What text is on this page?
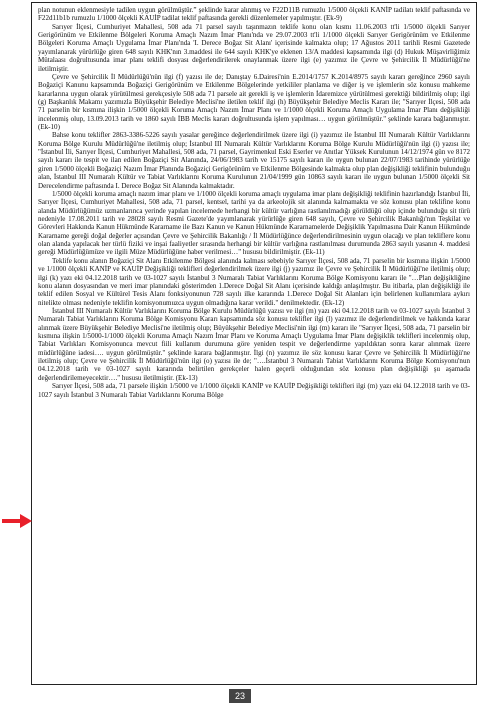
plan notunun eklenmesiyle tadilen uygun görülmüştür.” şeklinde karar alınmış ve F22D11B rumuzlu 1/5000 ölçekli KANİP tadilatı teklif paftasında ve F22d11b1b rumuzlu 1/1000 ölçekli KAUİP tadilat teklif paftasında gerekli düzenlemeler yapılmıştır. (Ek-9)

Sarıyer İlçesi, Cumhuriyet Mahallesi, 508 ada 71 parsel sayılı taşınmazın teklife konu olan kısmı 11.06.2003 tt'li 1/5000 ölçekli Sarıyer Gerigörünüm ve Etkilenme Bölgeleri Koruma Amaçlı Nazım İmar Planı'nda ve 29.07.2003 tt'li 1/1000 ölçekli Sarıyer Gerigörünüm ve Etkilenme Bölgeleri Koruma Amaçlı Uygulama İmar Planı'nda 'I. Derece Boğaz Sit Alanı' içerisinde kalmakta olup; 17 Ağustos 2011 tarihli Resmi Gazetede yayımlanarak yürürlüğe giren 648 sayılı KHK'nın 3.maddesi ile 644 sayılı KHK'ye eklenen 13/A maddesi kapsamında ilgi (d) Hukuk Müşavirliğimiz Mütalaası doğrultusunda imar planı teklifi dosyası değerlendirilerek onaylanmak üzere ilgi (e) yazımız ile Çevre ve Şehircilik İl Müdürlüğü'ne iletilmiştir.

Çevre ve Şehircilik İl Müdürlüğü'nün ilgi (f) yazısı ile de; Danıştay 6.Dairesi'nin E.2014/1757 K.2014/8975 sayılı kararı gereğince 2960 sayılı Boğaziçi Kanunu kapsamında Boğaziçi Gerigörünüm ve Etkilenme Bölgelerinde yetkililer planlama ve diğer iş ve işlemlerin söz konusu mahkeme kararlarına uygun olarak yürütülmesi gerekçesiyle 508 ada 71 parsele ait gerekli iş ve işlemlerin İdaremizce yürütülmesi gerektiği bildirilmiş olup; ilgi (g) Başkanlık Makamı yazımızla Büyükşehir Belediye Meclisi'ne iletilen teklif ilgi (h) Büyükşehir Belediye Meclis Kararı ile; "Sarıyer İlçesi, 508 ada 71 parselin bir kısmına ilişkin 1/5000 ölçekli Koruma Amaçlı Nazım İmar Planı ve 1/1000 ölçekli Koruma Amaçlı Uygulama İmar Planı değişikliği incelenmiş olup, 13.09.2013 tarih ve 1860 sayılı İBB Meclis kararı doğrultusunda işlem yapılması… uygun görülmüştür." şeklinde karara bağlanmıştır. (Ek-10)

Bahse konu teklifler 2863-3386-5226 sayılı yasalar gereğince değerlendirilmek üzere ilgi (i) yazımız ile İstanbul III Numaralı Kültür Varlıklarını Koruma Bölge Kurulu Müdürlüğü'ne iletilmiş olup; İstanbul III Numaralı Kültür Varlıklarını Koruma Bölge Kurulu Müdürlüğü'nün ilgi (i) yazısı ile; "İstanbul İli, Sarıyer İlçesi, Cumhuriyet Mahallesi, 508 ada, 71 parsel, Gayrimenkul Eski Eserler ve Anıtlar Yüksek Kurulunun 14/12/1974 gün ve 8172 sayılı kararı ile tespit ve ilan edilen Boğaziçi Sit Alanında, 24/06/1983 tarih ve 15175 sayılı kararı ile uygun bulunan 22/07/1983 tarihinde yürürlüğe giren 1/5000 ölçekli Boğaziçi Nazım İmar Planında Boğaziçi Gerigörünüm ve Etkilenme Bölgesinde kalmakta olup plan değişikliği teklifinin bulunduğu alan, İstanbul III Numaralı Kültür ve Tabiat Varlıklarını Koruma Kurulunun 21/04/1999 gün 10863 sayılı kararı ile uygun bulunan 1/5000 ölçekli Sit Derecelendirme paftasında I. Derece Boğaz Sit Alanında kalmaktadır.

1/5000 ölçekli koruma amaçlı nazım imar planı ve 1/1000 ölçekli koruma amaçlı uygulama imar planı değişikliği teklifinin hazırlandığı İstanbul İli, Sarıyer İlçesi, Cumhuriyet Mahallesi, 508 ada, 71 parsel, kentsel, tarihi ya da arkeolojik sit alanında kalmamakta ve söz konusu plan teklifine konu alanda Müdürlüğümüz uzmanlarınca yerinde yapılan incelemede herhangi bir kültür varlığına rastlanılmadığı görüldüğü olup içinde bulunduğu sit türü nedeniyle 17.08.2011 tarih ve 28028 sayılı Resmi Gazete'de yayımlanarak yürürlüğe giren 648 sayılı, Çevre ve Şehircilik Bakanlığı'nın Teşkilat ve Görevleri Hakkında Kanun Hükmünde Kararname ile Bazı Kanun ve Kanun Hükmünde Kararnamelerde Değişiklik Yapılmasına Dair Kanun Hükmünde Kararname gereği doğal değerler açısından Çevre ve Şehircilik Bakanlığı / İl Müdürlüğünce değerlendirilmesinin uygun olacağı ve plan tekliflere konu olan alanda yapılacak her türlü fiziki ve inşai faaliyetler sırasında herhangi bir kültür varlığına rastlanılması durumunda 2863 sayılı yasanın 4. maddesi gereği Müdürlüğümüze ve ilgili Müze Müdürlüğüne haber verilmesi…" hususu bildirilmiştir. (Ek-11)

Teklife konu alanın Boğaziçi Sit Alanı Etkilenme Bölgesi alanında kalması sebebiyle Sarıyer İlçesi, 508 ada, 71 parselin bir kısmına ilişkin 1/5000 ve 1/1000 ölçekli KANİP ve KAUİP Değişikliği teklifleri değerlendirilmek üzere ilgi (j) yazımız ile Çevre ve Şehircilik İl Müdürlüğü'ne iletilmiş olup; ilgi (k) yazı eki 04.12.2018 tarih ve 03-1027 sayılı İstanbul 3 Numaralı Tabiat Varlıklarını Koruma Bölge Komisyonu kararı ile "…Plan değişikliğine konu alanın dosyasından ve meri imar planındaki gösterimden 1.Derece Doğal Sit Alanı içerisinde kaldığı anlaşılmıştır. Bu itibarla, plan değişikliği ile teklif edilen Sosyal ve Kültürel Tesis Alanı fonksiyonunun 728 sayılı ilke kararında 1.Derece Doğal Sit Alanları için belirlenen kullanımlara aykırı nitelikte olması nedeniyle teklifin komisyonumuzca uygun olmadığına karar verildi." denilmektedir. (Ek-12)

İstanbul III Numaralı Kültür Varlıklarını Koruma Bölge Kurulu Müdürlüğü yazısı ve ilgi (m) yazı eki 04.12.2018 tarih ve 03-1027 sayılı İstanbul 3 Numaralı Tabiat Varlıklarını Koruma Bölge Komisyonu Kararı kapsamında söz konusu teklifler ilgi (l) yazımız ile değerlendirilmek ve hakkında karar alınmak üzere Büyükşehir Belediye Meclisi'ne iletilmiş olup; Büyükşehir Belediye Meclisi'nin ilgi (m) kararı ile "Sarıyer İlçesi, 508 ada, 71 parselin bir kısmına ilişkin 1/5000-1/1000 ölçekli Koruma Amaçlı Nazım İmar Planı ve Koruma Amaçlı Uygulama İmar Planı değişiklik teklifleri incelenmiş olup, Tabiat Varlıkları Komisyonunca mevcut fiili kullanım durumuna göre yeniden tespit ve değerlendirme yapıldıktan sonra karar alınmak üzere müdürlüğüne iadesi…. uygun görülmüştür." şeklinde karara bağlanmıştır. İlgi (n) yazımız ile söz konusu karar Çevre ve Şehircilik İl Müdürlüğü'ne iletilmiş olup; Çevre ve Şehircilik İl Müdürlüğü'nün ilgi (o) yazısı ile de; "….İstanbul 3 Numaralı Tabiat Varlıklarını Koruma Bölge Komisyonu'nun 04.12.2018 tarih ve 03-1027 sayılı kararında belirtilen gerekçeler halen geçerli olduğundan söz konusu plan değişikliği şu aşamada değerlendirilemeyecektir…." hususu iletilmiştir. (Ek-13)

Sarıyer İlçesi, 508 ada, 71 parsele ilişkin 1/5000 ve 1/1000 ölçekli KANİP ve KAUİP Değişikliği teklifleri ilgi (m) yazı eki 04.12.2018 tarih ve 03-1027 sayılı İstanbul 3 Numaralı Tabiat Varlıklarını Koruma Bölge

23
